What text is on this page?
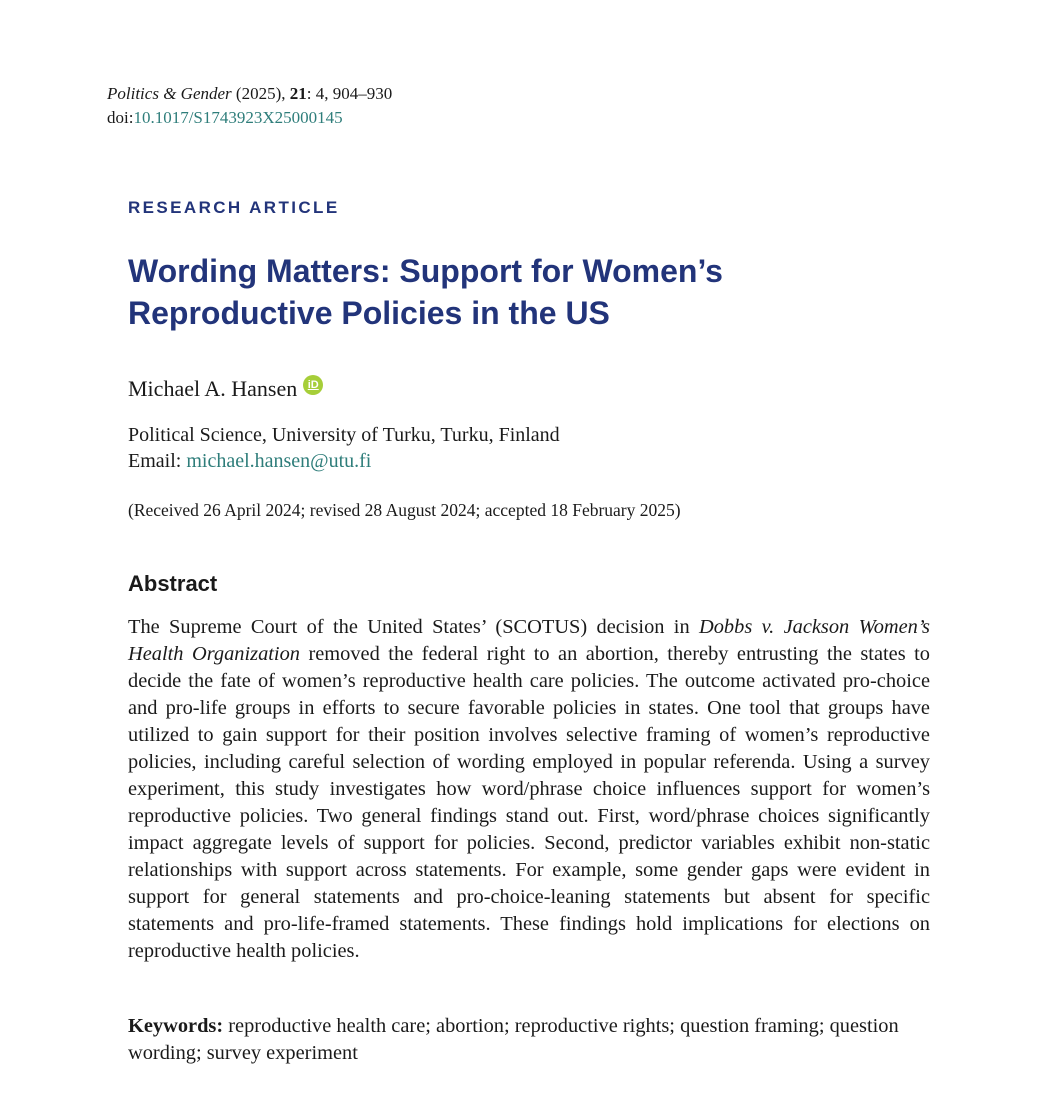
Politics & Gender (2025), 21: 4, 904–930
doi:10.1017/S1743923X25000145
RESEARCH ARTICLE
Wording Matters: Support for Women’s
Reproductive Policies in the US
Michael A. Hansen iD
Political Science, University of Turku, Turku, Finland
Email: michael.hansen@utu.fi
(Received 26 April 2024; revised 28 August 2024; accepted 18 February 2025)
Abstract

The Supreme Court of the United States’ (SCOTUS) decision in Dobbs v. Jackson Women’s Health Organization removed the federal right to an abortion, thereby entrusting the states to decide the fate of women’s reproductive health care policies. The outcome activated pro-choice and pro-life groups in efforts to secure favorable policies in states. One tool that groups have utilized to gain support for their position involves selective framing of women’s reproductive policies, including careful selection of wording employed in popular referenda. Using a survey experiment, this study investigates how word/phrase choice influences support for women’s reproductive policies. Two general findings stand out. First, word/phrase choices significantly impact aggregate levels of support for policies. Second, predictor variables exhibit non-static relationships with support across statements. For example, some gender gaps were evident in support for general statements and pro-choice-leaning statements but absent for specific statements and pro-life-framed statements. These findings hold implications for elections on reproductive health policies.

Keywords: reproductive health care; abortion; reproductive rights; question framing; question wording; survey experiment
